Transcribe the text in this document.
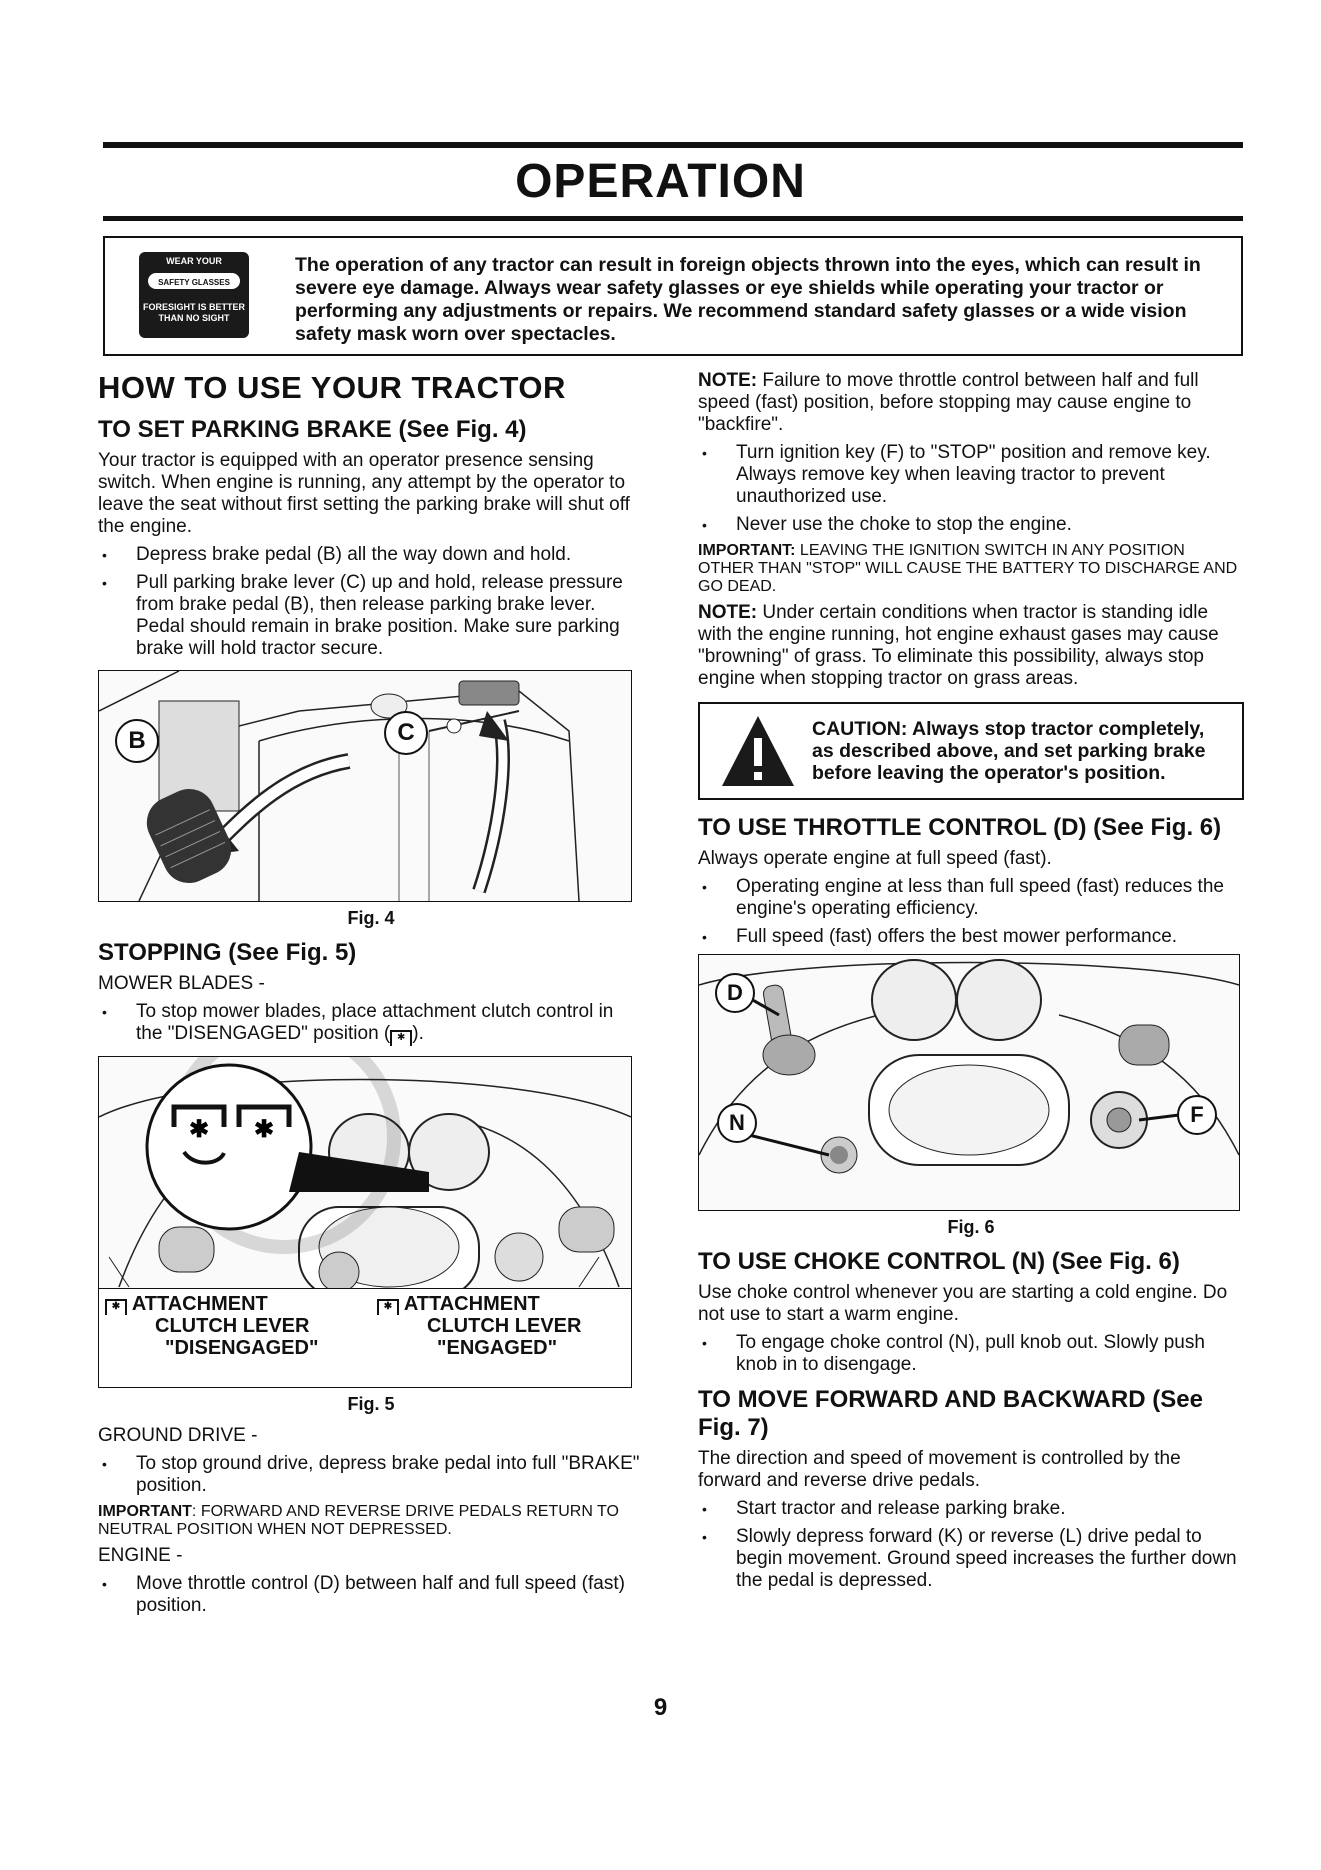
OPERATION
WEAR YOUR
SAFETY GLASSES
FORESIGHT IS BETTER
THAN NO SIGHT
The operation of any tractor can result in foreign objects thrown into the eyes, which can result in severe eye damage. Always wear safety glasses or eye shields while operating your tractor or performing any adjustments or repairs. We recommend standard safety glasses or a wide vision safety mask worn over spectacles.
HOW TO USE YOUR TRACTOR
TO SET PARKING BRAKE (See Fig. 4)

Your tractor is equipped with an operator presence sensing switch. When engine is running, any attempt by the operator to leave the seat without first setting the parking brake will shut off the engine.

• Depress brake pedal (B) all the way down and hold.
• Pull parking brake lever (C) up and hold, release pressure from brake pedal (B), then release parking brake lever. Pedal should remain in brake position. Make sure parking brake will hold tractor secure.
B	C
Fig. 4
STOPPING (See Fig. 5)

MOWER BLADES -

• To stop mower blades, place attachment clutch control in the "DISENGAGED" position ( ✱ ).
✱ ✱
✱ ATTACHMENT
CLUTCH LEVER
"DISENGAGED"
✱ ATTACHMENT
CLUTCH LEVER
"ENGAGED"
Fig. 5

GROUND DRIVE -

• To stop ground drive, depress brake pedal into full "BRAKE" position.

IMPORTANT: FORWARD AND REVERSE DRIVE PEDALS RETURN TO NEUTRAL POSITION WHEN NOT DEPRESSED.

ENGINE -

• Move throttle control (D) between half and full speed (fast) position.

NOTE: Failure to move throttle control between half and full speed (fast) position, before stopping may cause engine to "backfire".

• Turn ignition key (F) to "STOP" position and remove key. Always remove key when leaving tractor to prevent unauthorized use.
• Never use the choke to stop the engine.

IMPORTANT: LEAVING THE IGNITION SWITCH IN ANY POSITION OTHER THAN "STOP" WILL CAUSE THE BATTERY TO DISCHARGE AND GO DEAD.

NOTE: Under certain conditions when tractor is standing idle with the engine running, hot engine exhaust gases may cause "browning" of grass. To eliminate this possibility, always stop engine when stopping tractor on grass areas.

CAUTION: Always stop tractor completely, as described above, and set parking brake before leaving the operator's position.
TO USE THROTTLE CONTROL (D) (See Fig. 6)

Always operate engine at full speed (fast).

• Operating engine at less than full speed (fast) reduces the engine's operating efficiency.
• Full speed (fast) offers the best mower performance.
D
N	F
Fig. 6
TO USE CHOKE CONTROL (N) (See Fig. 6)

Use choke control whenever you are starting a cold engine. Do not use to start a warm engine.

• To engage choke control (N), pull knob out. Slowly push knob in to disengage.
TO MOVE FORWARD AND BACKWARD (See Fig. 7)

The direction and speed of movement is controlled by the forward and reverse drive pedals.

• Start tractor and release parking brake.
• Slowly depress forward (K) or reverse (L) drive pedal to begin movement. Ground speed increases the further down the pedal is depressed.
9
